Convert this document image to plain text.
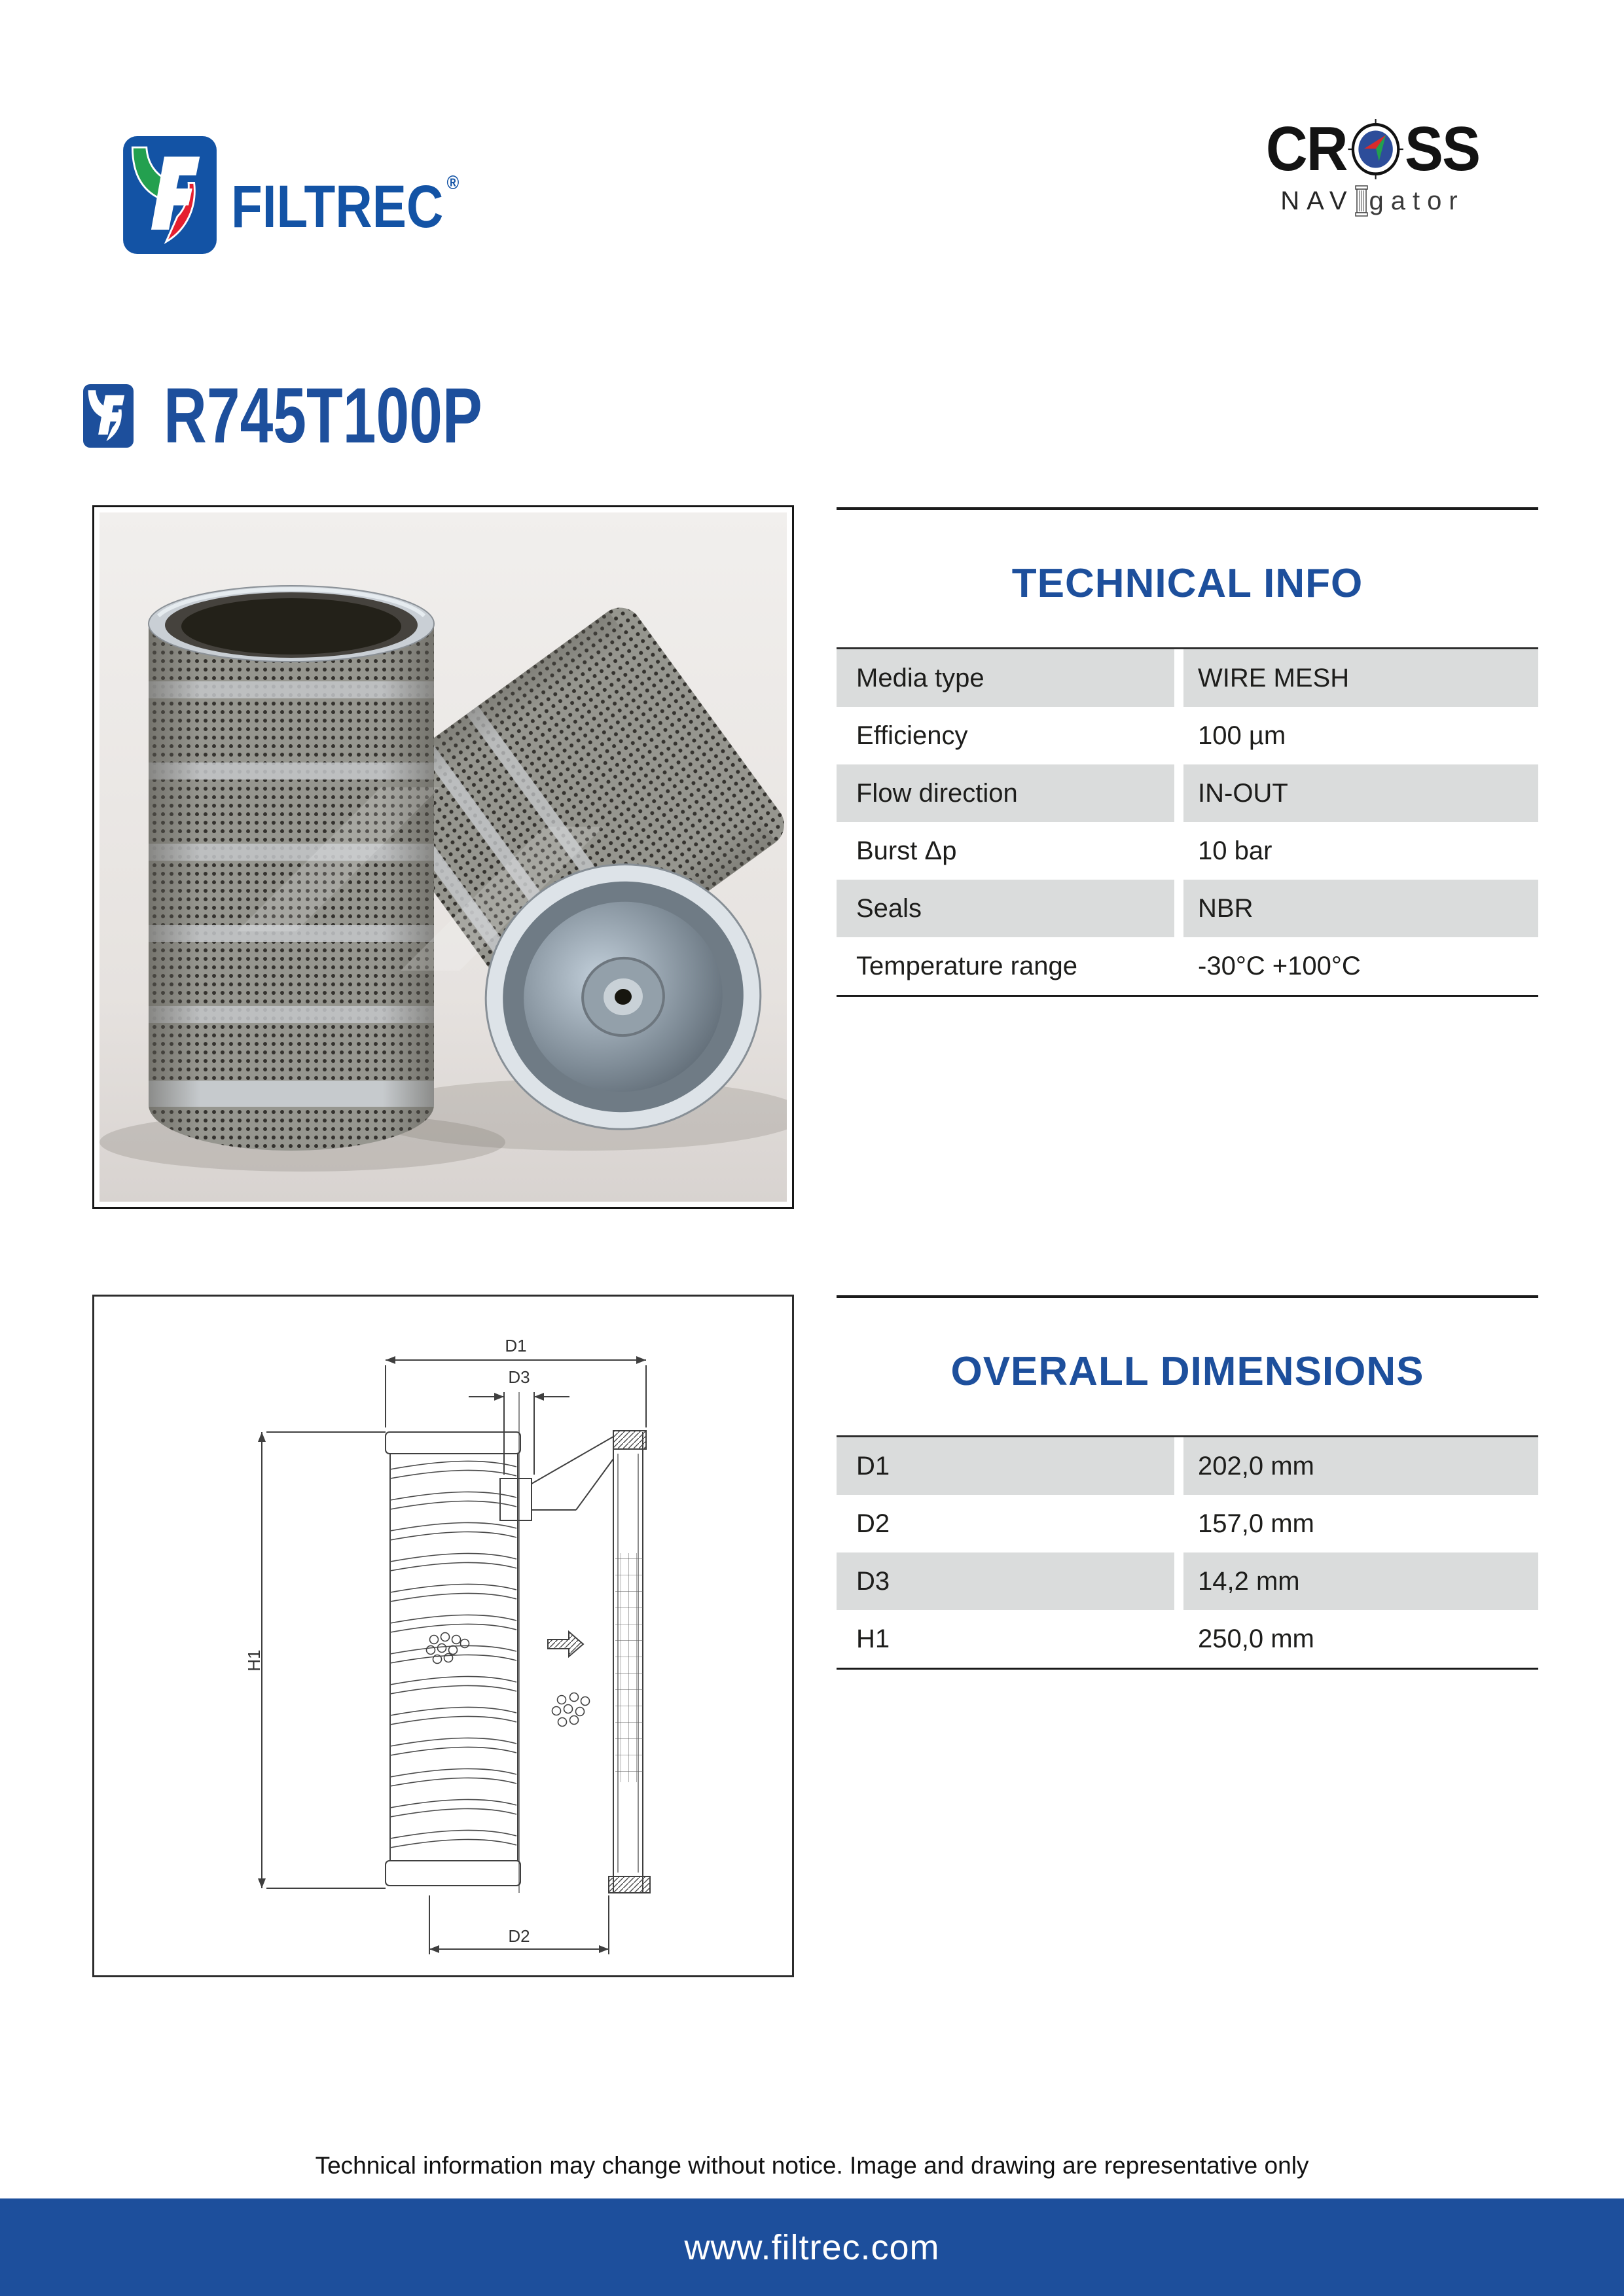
FILTREC ®	CR SS
NAV gator
R745T100P
TECHNICAL INFO
Media type	WIRE MESH
Efficiency	100 µm
Flow direction	IN-OUT
Burst Δp	10 bar
Seals	NBR
Temperature range	-30°C +100°C
D1
D3
H1
D2
OVERALL DIMENSIONS
D1	202,0 mm
D2	157,0 mm
D3	14,2 mm
H1	250,0 mm
Technical information may change without notice. Image and drawing are representative only
www.filtrec.com
